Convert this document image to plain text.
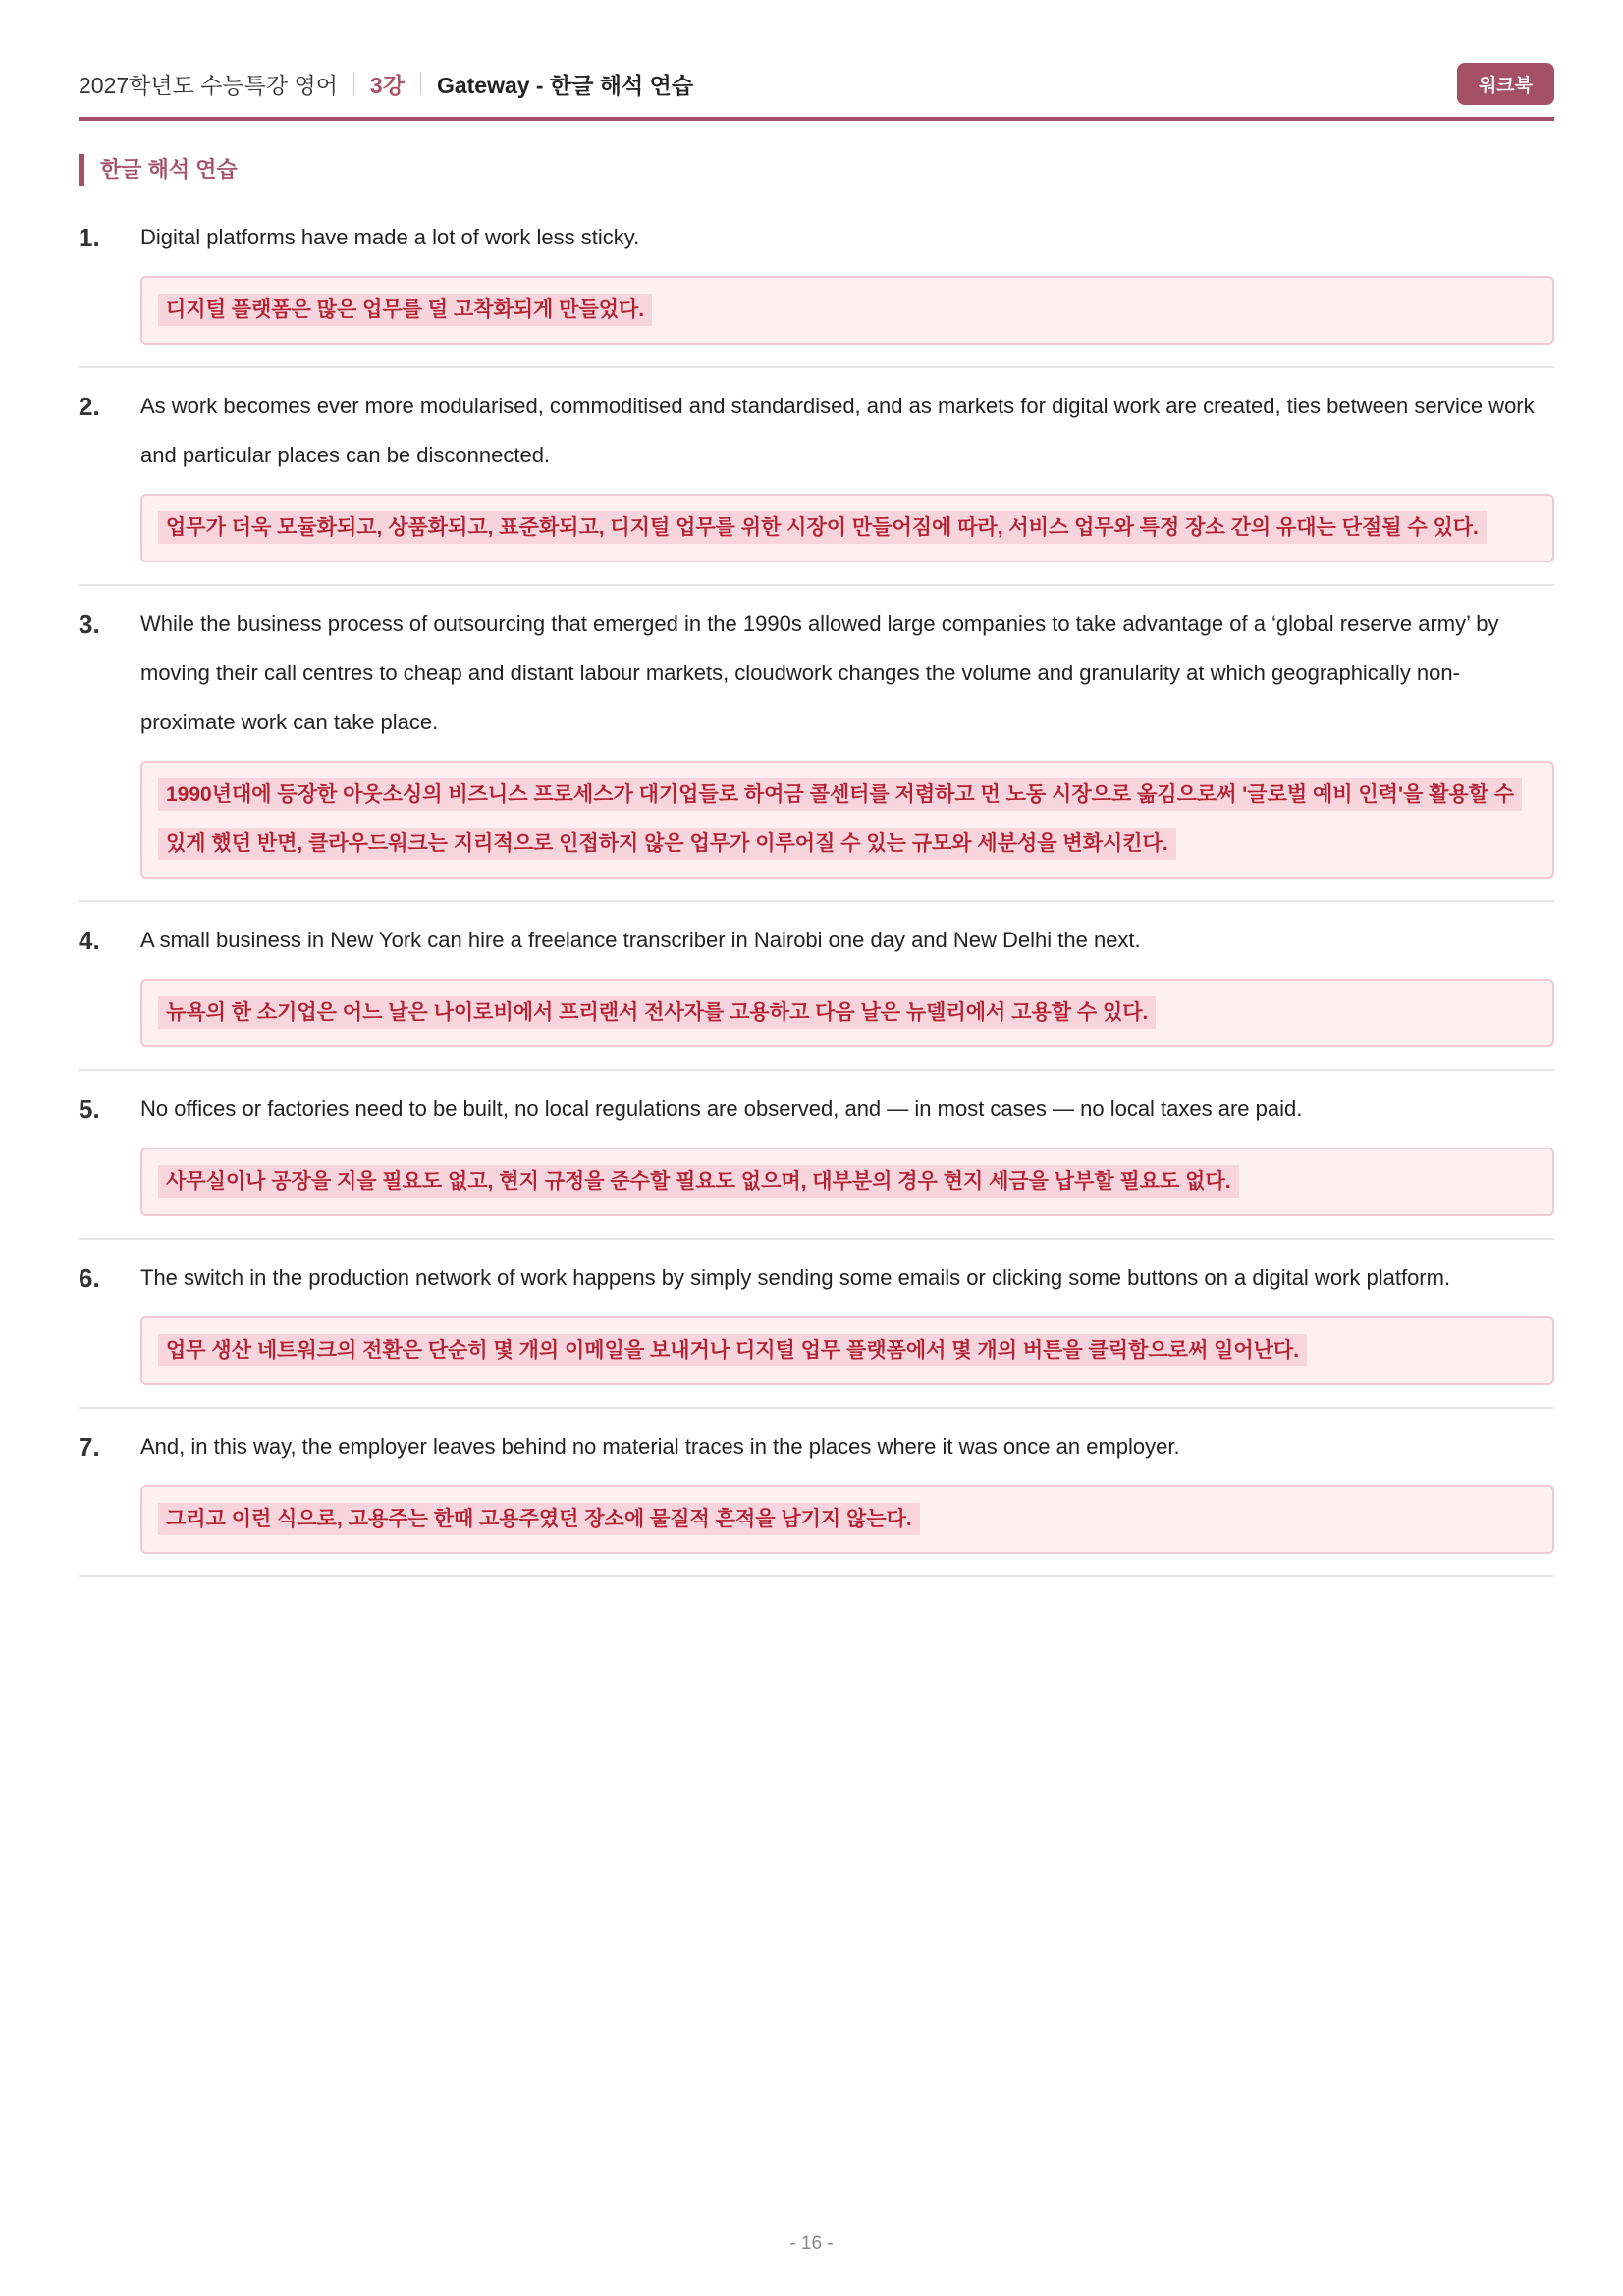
2027학년도 수능특강 영어 3강 Gateway - 한글 해석 연습	워크북
한글 해석 연습
1. Digital platforms have made a lot of work less sticky.
디지털 플랫폼은 많은 업무를 덜 고착화되게 만들었다.
2. As work becomes ever more modularised, commoditised and standardised, and as markets for digital work are created, ties between service work and particular places can be disconnected.
업무가 더욱 모듈화되고, 상품화되고, 표준화되고, 디지털 업무를 위한 시장이 만들어짐에 따라, 서비스 업무와 특정 장소 간의 유대는 단절될 수 있다.
3. While the business process of outsourcing that emerged in the 1990s allowed large companies to take advantage of a ‘global reserve army’ by moving their call centres to cheap and distant labour markets, cloudwork changes the volume and granularity at which geographically non-proximate work can take place.
1990년대에 등장한 아웃소싱의 비즈니스 프로세스가 대기업들로 하여금 콜센터를 저렴하고 먼 노동 시장으로 옮김으로써 '글로벌 예비 인력'을 활용할 수 있게 했던 반면, 클라우드워크는 지리적으로 인접하지 않은 업무가 이루어질 수 있는 규모와 세분성을 변화시킨다.
4. A small business in New York can hire a freelance transcriber in Nairobi one day and New Delhi the next.
뉴욕의 한 소기업은 어느 날은 나이로비에서 프리랜서 전사자를 고용하고 다음 날은 뉴델리에서 고용할 수 있다.
5. No offices or factories need to be built, no local regulations are observed, and — in most cases — no local taxes are paid.
사무실이나 공장을 지을 필요도 없고, 현지 규정을 준수할 필요도 없으며, 대부분의 경우 현지 세금을 납부할 필요도 없다.
6. The switch in the production network of work happens by simply sending some emails or clicking some buttons on a digital work platform.
업무 생산 네트워크의 전환은 단순히 몇 개의 이메일을 보내거나 디지털 업무 플랫폼에서 몇 개의 버튼을 클릭함으로써 일어난다.
7. And, in this way, the employer leaves behind no material traces in the places where it was once an employer.
그리고 이런 식으로, 고용주는 한때 고용주였던 장소에 물질적 흔적을 남기지 않는다.
- 16 -
